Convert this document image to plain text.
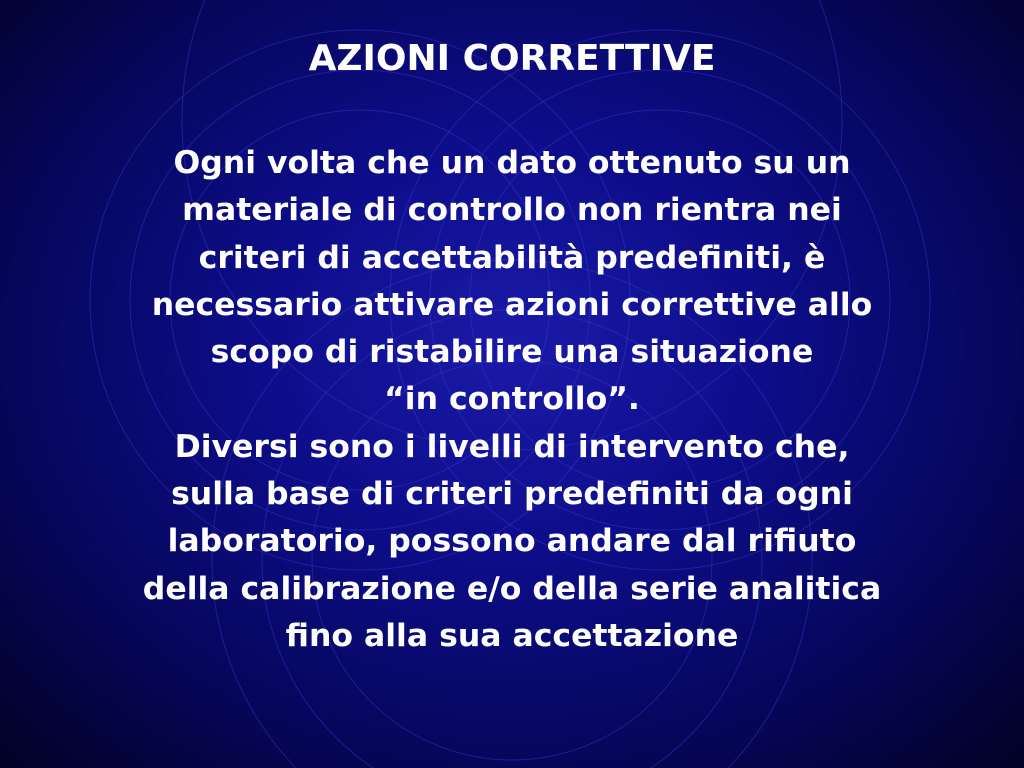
AZIONI CORRETTIVE
Ogni volta che un dato ottenuto su un
materiale di controllo non rientra nei
criteri di accettabilità predefiniti, è
necessario attivare azioni correttive allo
scopo di ristabilire una situazione
“in controllo”.
Diversi sono i livelli di intervento che,
sulla base di criteri predefiniti da ogni
laboratorio, possono andare dal rifiuto
della calibrazione e/o della serie analitica
fino alla sua accettazione
